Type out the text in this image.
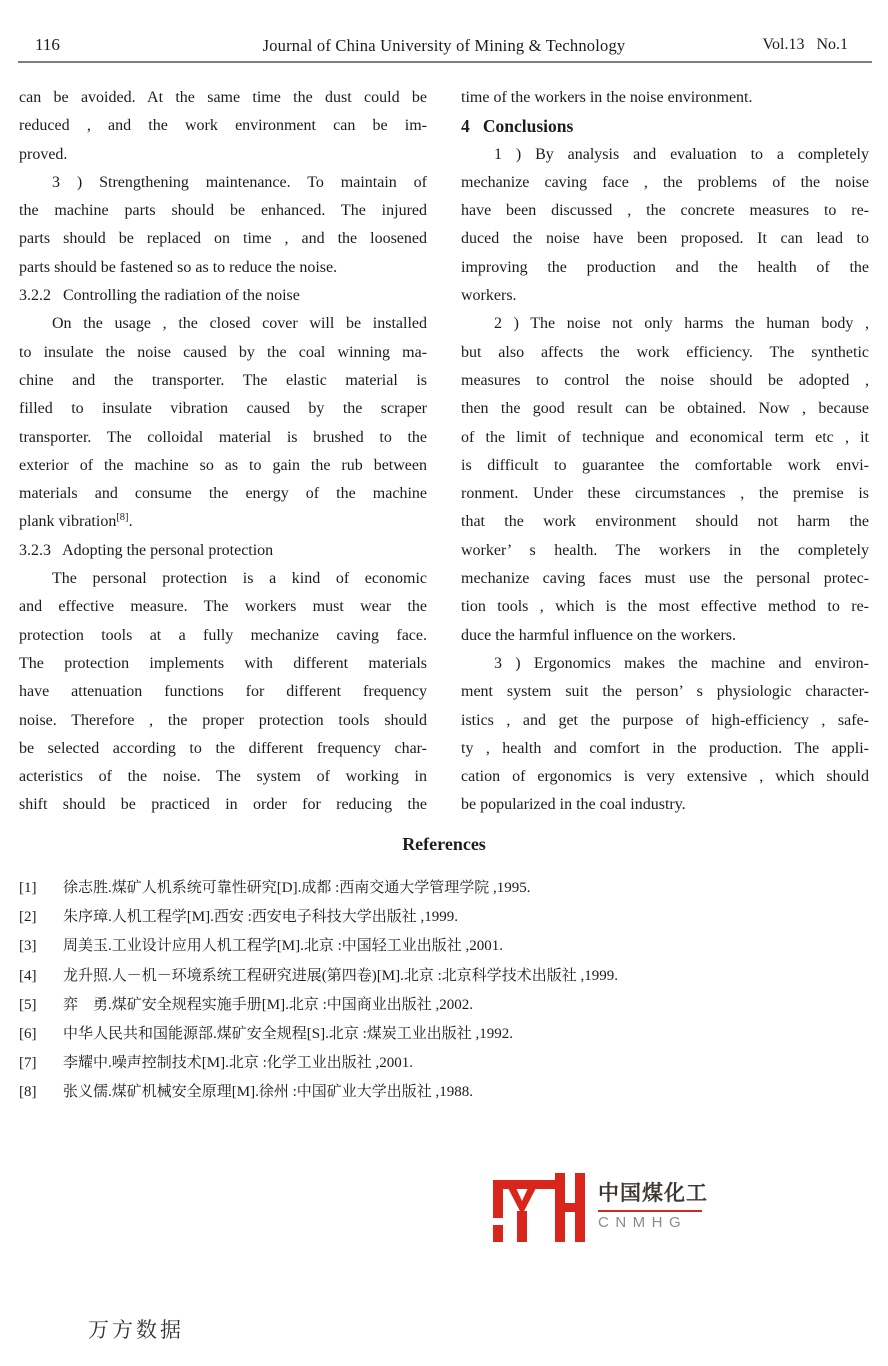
116	Journal of China University of Mining & Technology	Vol.13   No.1
can be avoided. At the same time the dust could be
reduced , and the work environment can be im-
proved.
3 ) Strengthening maintenance. To maintain of
the machine parts should be enhanced. The injured
parts should be replaced on time , and the loosened
parts should be fastened so as to reduce the noise.
3.2.2   Controlling the radiation of the noise
On the usage , the closed cover will be installed
to insulate the noise caused by the coal winning ma-
chine and the transporter. The elastic material is
filled to insulate vibration caused by the scraper
transporter. The colloidal material is brushed to the
exterior of the machine so as to gain the rub between
materials and consume the energy of the machine
plank vibration[8].
3.2.3   Adopting the personal protection
The personal protection is a kind of economic
and effective measure. The workers must wear the
protection tools at a fully mechanize caving face.
The protection implements with different materials
have attenuation functions for different frequency
noise. Therefore , the proper protection tools should
be selected according to the different frequency char-
acteristics of the noise. The system of working in
shift should be practiced in order for reducing the
time of the workers in the noise environment.
4   Conclusions
1 ) By analysis and evaluation to a completely
mechanize caving face , the problems of the noise
have been discussed , the concrete measures to re-
duced the noise have been proposed. It can lead to
improving the production and the health of the
workers.
2 ) The noise not only harms the human body ,
but also affects the work efficiency. The synthetic
measures to control the noise should be adopted ,
then the good result can be obtained. Now , because
of the limit of technique and economical term etc , it
is difficult to guarantee the comfortable work envi-
ronment. Under these circumstances , the premise is
that the work environment should not harm the
worker’ s health. The workers in the completely
mechanize caving faces must use the personal protec-
tion tools , which is the most effective method to re-
duce the harmful influence on the workers.
3 ) Ergonomics makes the machine and environ-
ment system suit the person’ s physiologic character-
istics , and get the purpose of high-efficiency , safe-
ty , health and comfort in the production. The appli-
cation of ergonomics is very extensive , which should
be popularized in the coal industry.
References
[1]	徐志胜.煤矿人机系统可靠性研究[D].成都 :西南交通大学管理学院 ,1995.
[2]	朱序璋.人机工程学[M].西安 :西安电子科技大学出版社 ,1999.
[3]	周美玉.工业设计应用人机工程学[M].北京 :中国轻工业出版社 ,2001.
[4]	龙升照.人－机－环境系统工程研究进展(第四卷)[M].北京 :北京科学技术出版社 ,1999.
[5]	弈　勇.煤矿安全规程实施手册[M].北京 :中国商业出版社 ,2002.
[6]	中华人民共和国能源部.煤矿安全规程[S].北京 :煤炭工业出版社 ,1992.
[7]	李耀中.噪声控制技术[M].北京 :化学工业出版社 ,2001.
[8]	张义儒.煤矿机械安全原理[M].徐州 :中国矿业大学出版社 ,1988.
中国煤化工
CNMHG
万方数据
